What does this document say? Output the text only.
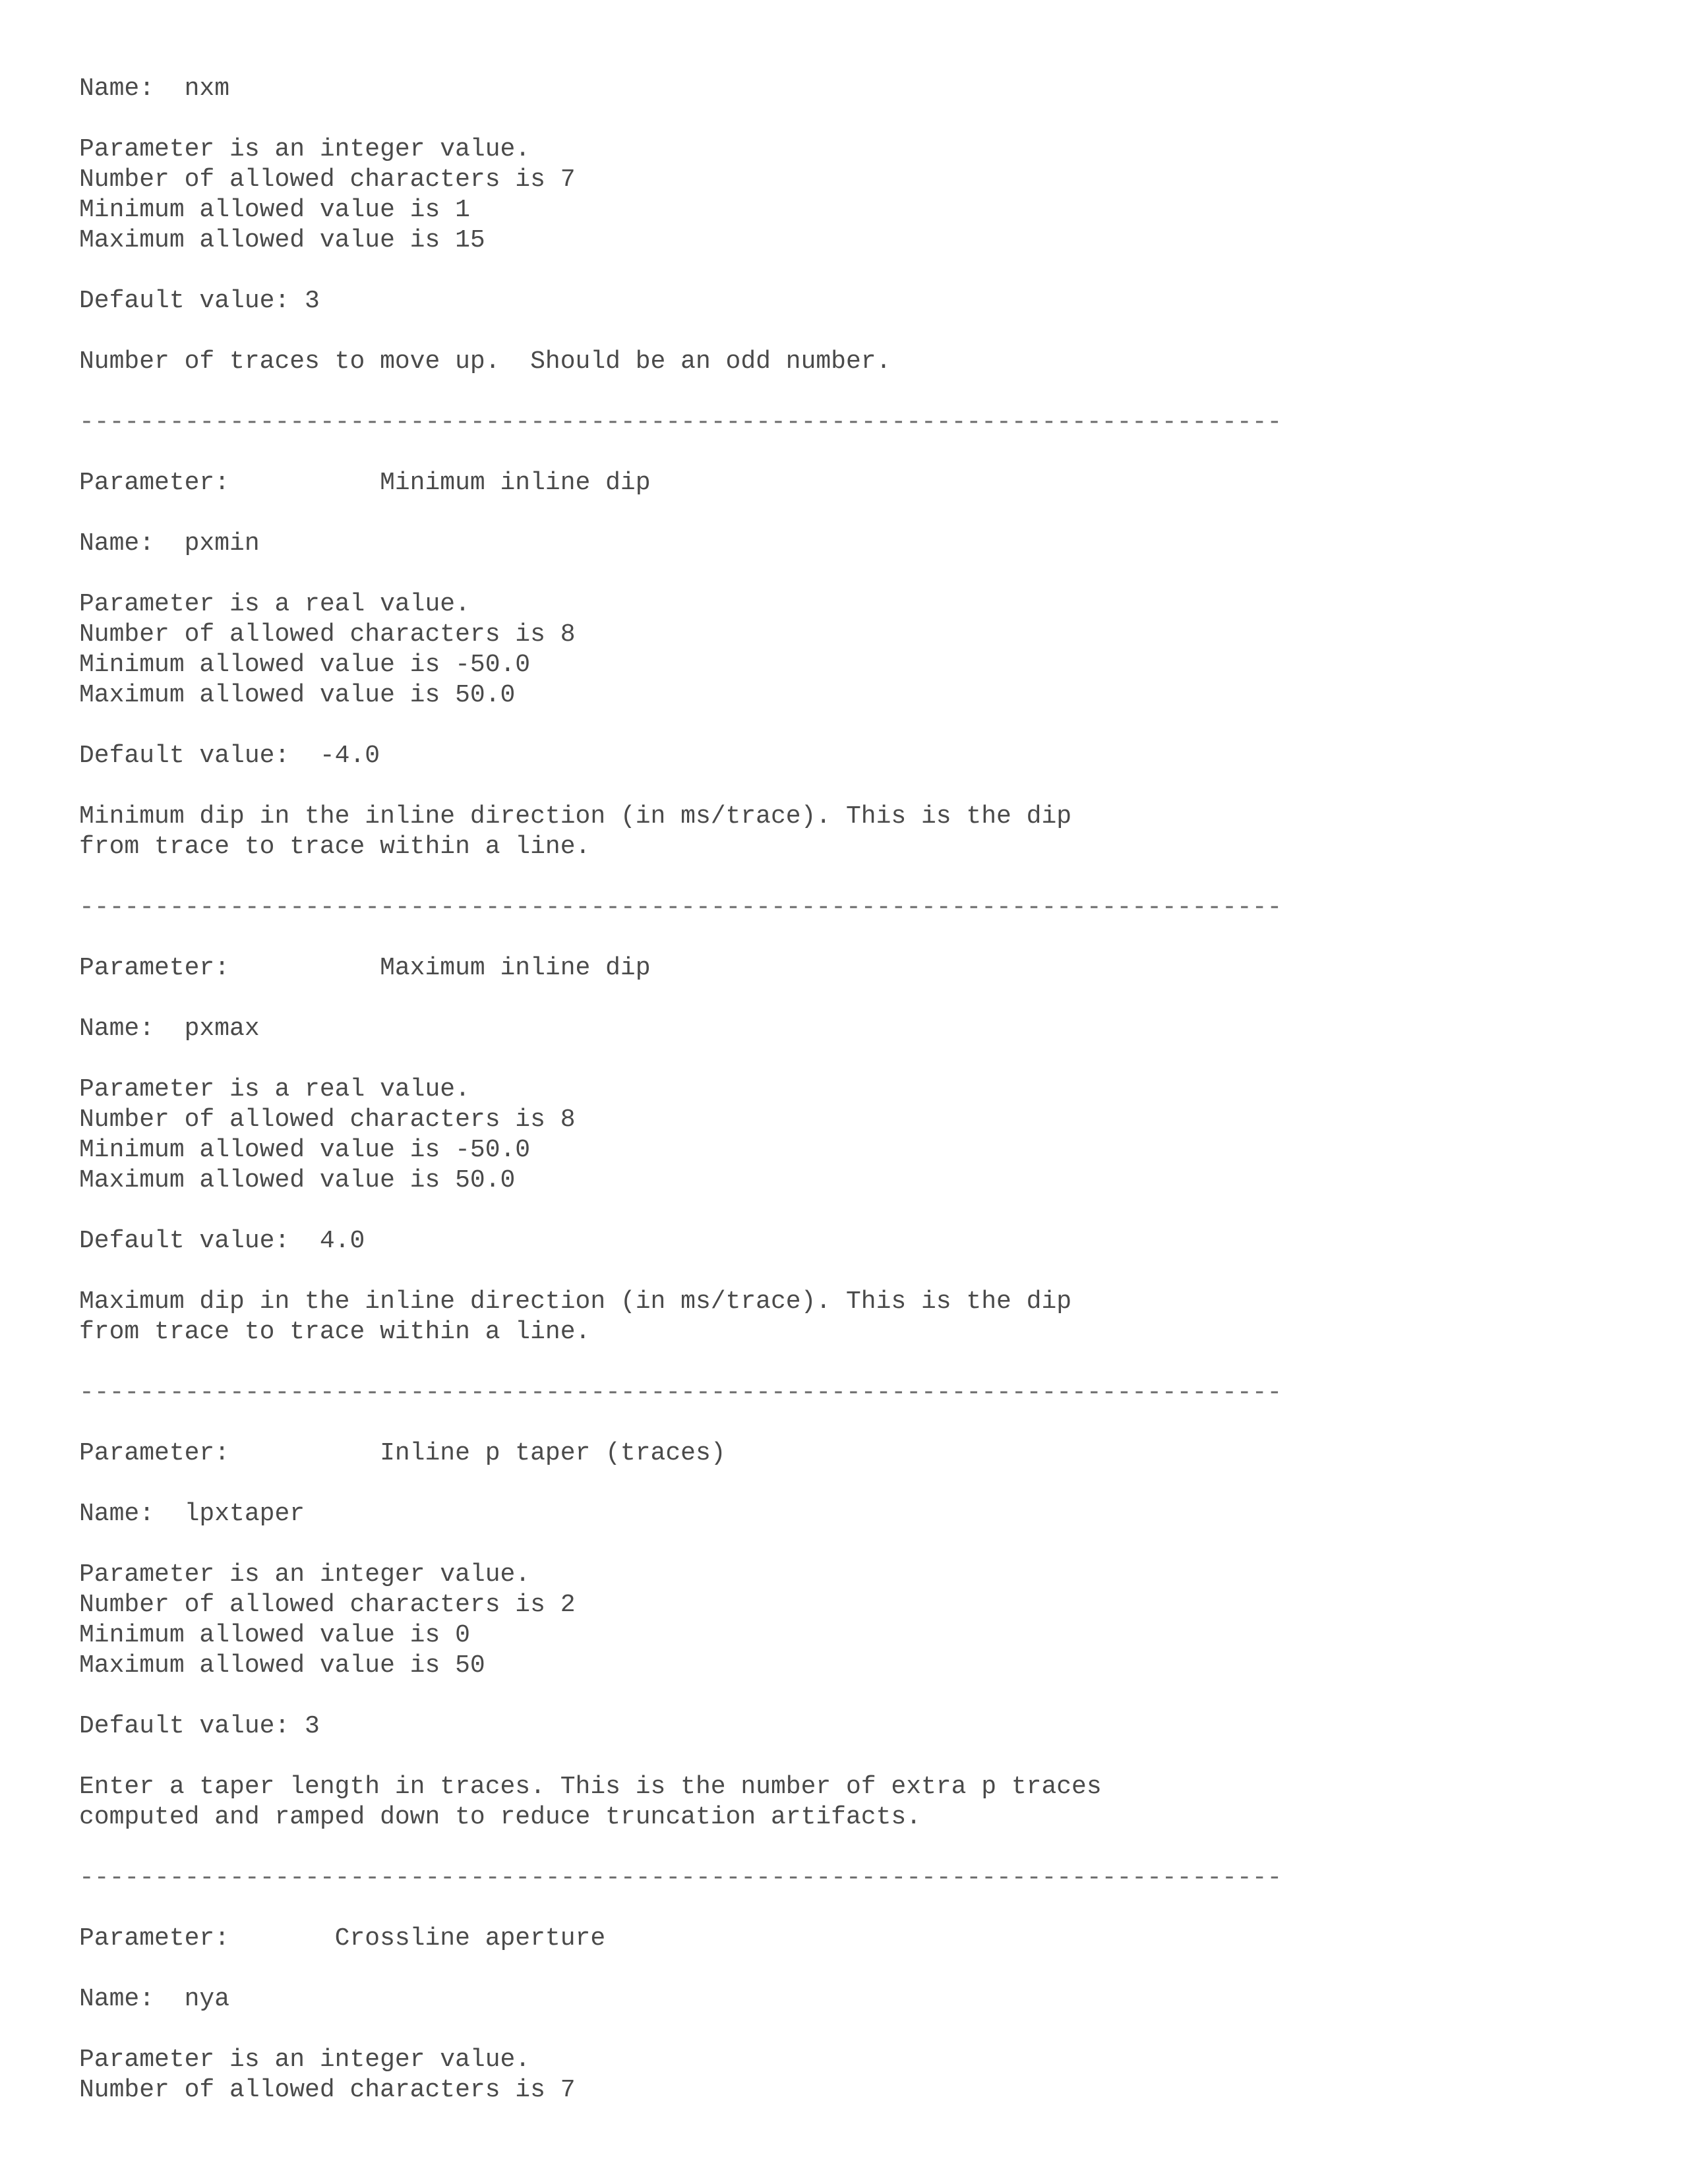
Name:  nxm
Parameter is an integer value.
Number of allowed characters is 7
Minimum allowed value is 1
Maximum allowed value is 15
Default value: 3
Number of traces to move up.  Should be an odd number.
--------------------------------------------------------------------------------
Parameter:          Minimum inline dip
Name:  pxmin
Parameter is a real value.
Number of allowed characters is 8
Minimum allowed value is -50.0
Maximum allowed value is 50.0
Default value:  -4.0
Minimum dip in the inline direction (in ms/trace). This is the dip
from trace to trace within a line.
--------------------------------------------------------------------------------
Parameter:          Maximum inline dip
Name:  pxmax
Parameter is a real value.
Number of allowed characters is 8
Minimum allowed value is -50.0
Maximum allowed value is 50.0
Default value:  4.0
Maximum dip in the inline direction (in ms/trace). This is the dip
from trace to trace within a line.
--------------------------------------------------------------------------------
Parameter:          Inline p taper (traces)
Name:  lpxtaper
Parameter is an integer value.
Number of allowed characters is 2
Minimum allowed value is 0
Maximum allowed value is 50
Default value: 3
Enter a taper length in traces. This is the number of extra p traces
computed and ramped down to reduce truncation artifacts.
--------------------------------------------------------------------------------
Parameter:       Crossline aperture
Name:  nya
Parameter is an integer value.
Number of allowed characters is 7
